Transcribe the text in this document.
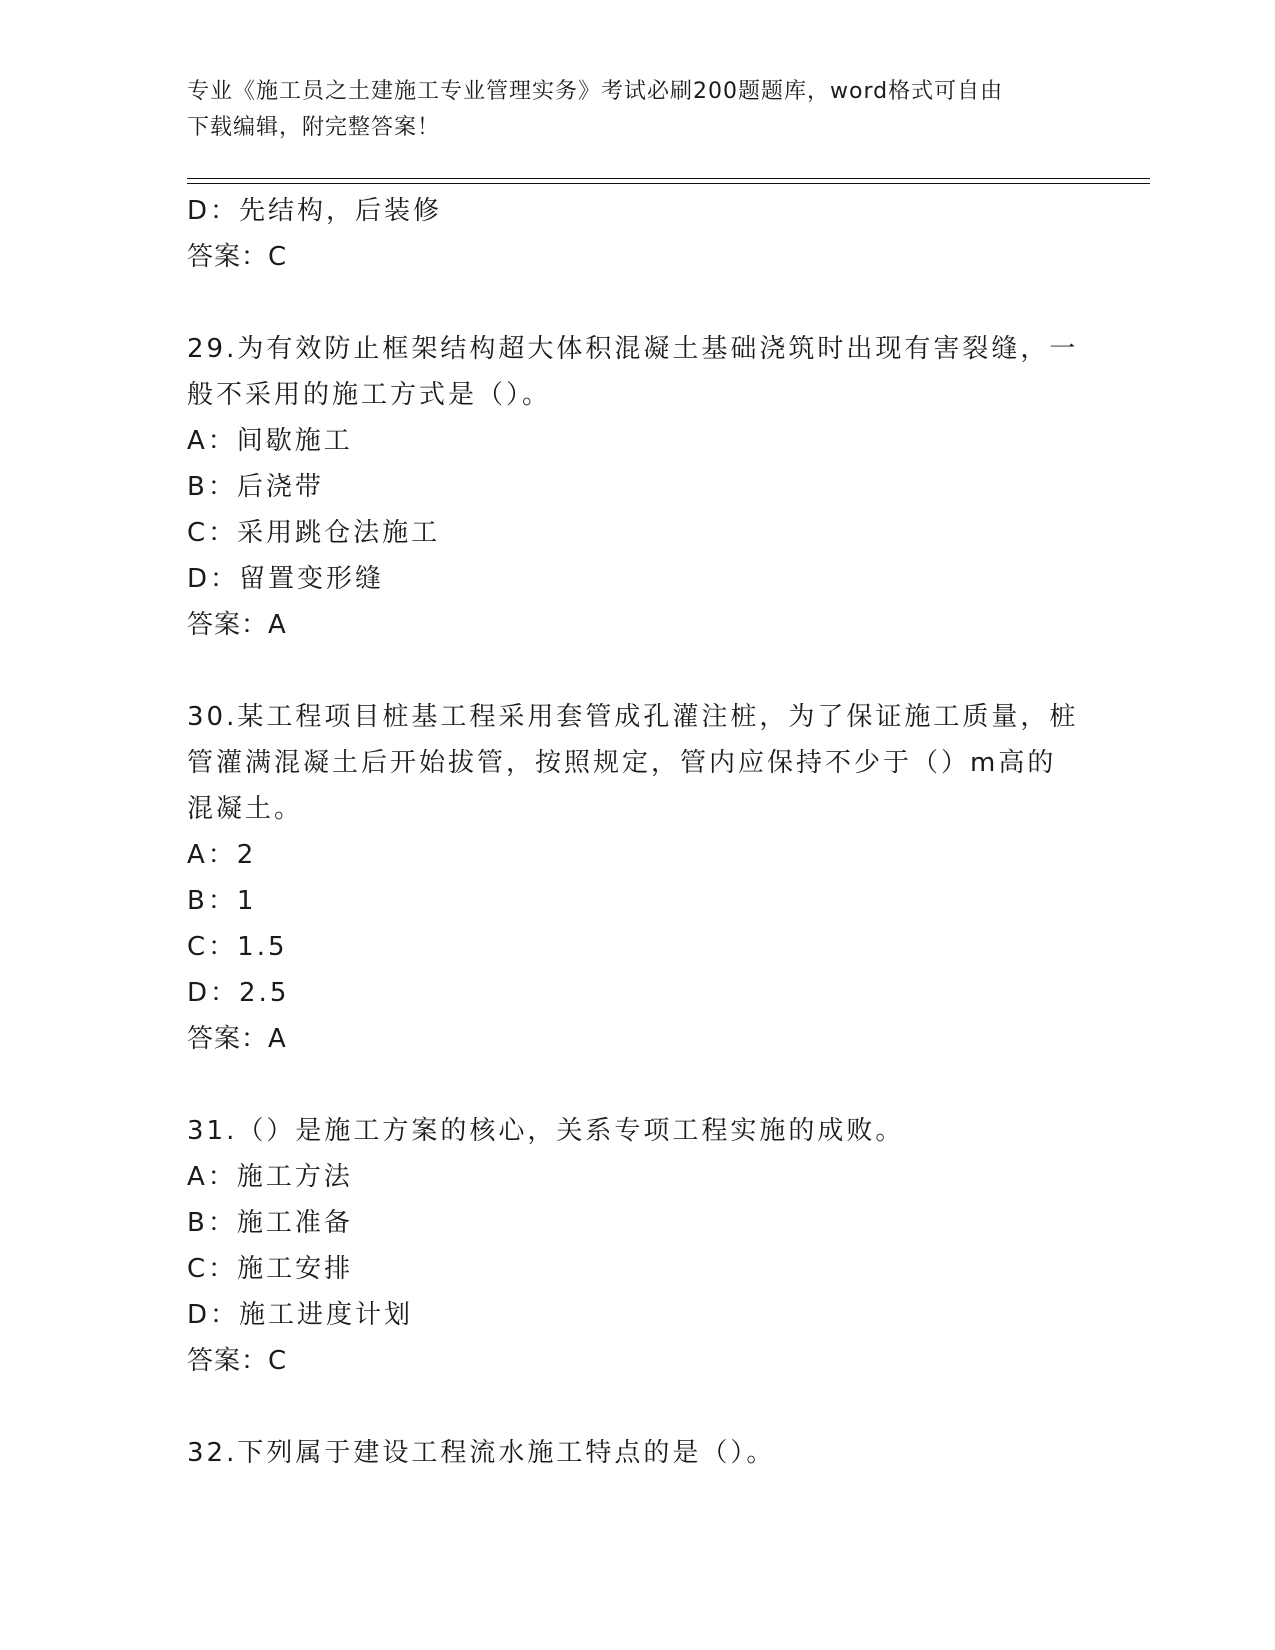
专业《施工员之土建施工专业管理实务》考试必刷200题题库，word格式可自由
下载编辑，附完整答案！
D：先结构，后装修
答案：C
29.为有效防止框架结构超大体积混凝土基础浇筑时出现有害裂缝，一般不采用的施工方式是（）。
A：间歇施工
B：后浇带
C：采用跳仓法施工
D：留置变形缝
答案：A
30.某工程项目桩基工程采用套管成孔灌注桩，为了保证施工质量，桩管灌满混凝土后开始拔管，按照规定，管内应保持不少于（）m高的混凝土。
A：2
B：1
C：1.5
D：2.5
答案：A
31.（）是施工方案的核心，关系专项工程实施的成败。
A：施工方法
B：施工准备
C：施工安排
D：施工进度计划
答案：C
32.下列属于建设工程流水施工特点的是（）。
